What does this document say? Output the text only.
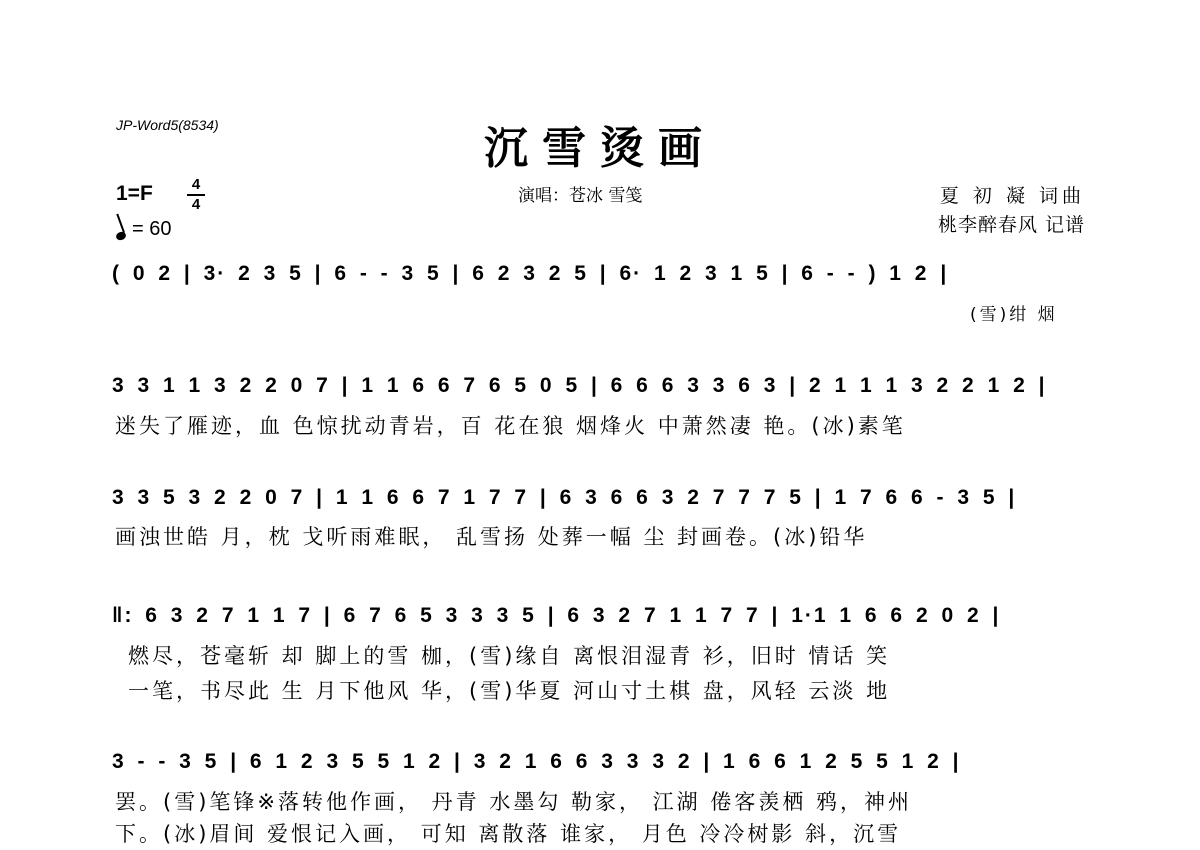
JP-Word5(8534)	沉雪烫画
1=F	4
4
= 60
演唱：苍冰 雪笺	夏 初 凝 词曲
桃李醉春风 记谱
( 0 2 | 3· 2 3 5 | 6 - - 3 5 | 6 2 3 2 5 | 6· 1 2 3 1 5 | 6 - - ) 1 2 |
(雪)绀 烟
3 3 1 1 3 2 2 0 7 | 1 1 6 6 7 6 5 0 5 | 6 6 6 3 3 6 3 | 2 1 1 1 3 2 2 1 2 |
迷失了雁迹，血 色惊扰动青岩，百 花在狼 烟烽火 中萧然凄 艳。(冰)素笔
3 3 5 3 2 2 0 7 | 1 1 6 6 7 1 7 7 | 6 3 6 6 3 2 7 7 7 5 | 1 7 6 6 - 3 5 |
画浊世皓 月，枕 戈听雨难眠， 乱雪扬 处葬一幅 尘 封画卷。(冰)铅华
‖: 6 3 2 7 1 1 7 | 6 7 6 5 3 3 3 5 | 6 3 2 7 1 1 7 7 | 1·1 1 6 6 2 0 2 |
燃尽，苍毫斩 却 脚上的雪 枷，(雪)缘自 离恨泪湿青 衫，旧时 情话 笑
一笔，书尽此 生 月下他风 华，(雪)华夏 河山寸土棋 盘，风轻 云淡 地
3 - - 3 5 | 6 1 2 3 5 5 1 2 | 3 2 1 6 6 3 3 3 2 | 1 6 6 1 2 5 5 1 2 |
罢。(雪)笔锋※落转他作画， 丹青 水墨勾 勒家， 江湖 倦客羡栖 鸦，神州
下。(冰)眉间 爱恨记入画， 可知 离散落 谁家， 月色 冷冷树影 斜，沉雪
